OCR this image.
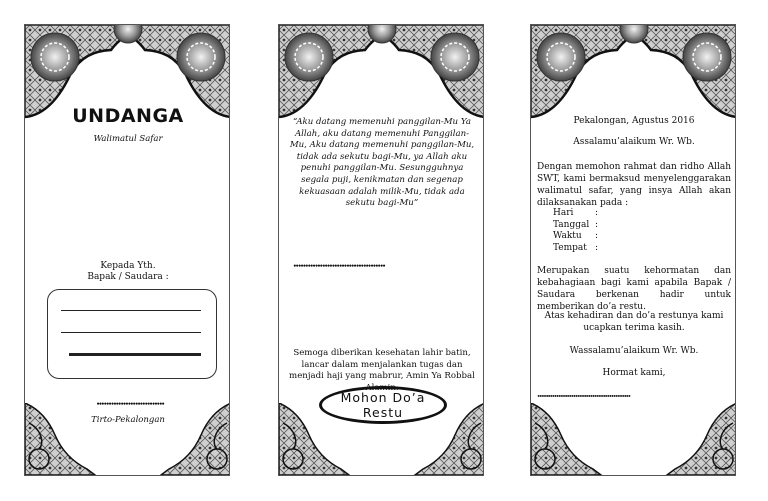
UNDANGA
Walimatul Safar
Kepada Yth.
Bapak / Saudara :
••••••••••••••••••••••••••••
Tirto-Pekalongan
“Aku datang memenuhi panggilan-Mu Ya Allah, aku datang memenuhi Panggilan-Mu, Aku datang memenuhi panggilan-Mu, tidak ada sekutu bagi-Mu, ya Allah aku penuhi panggilan-Mu. Sesungguhnya segala puji, kenikmatan dan segenap kekuasaan adalah milik-Mu, tidak ada sekutu bagi-Mu”
••••••••••••••••••••••••••••••••••••••
Semoga diberikan kesehatan lahir batin, lancar dalam menjalankan tugas dan menjadi haji yang mabrur, Amin Ya Robbal Alamin.
Mohon Do’a Restu
Pekalongan, Agustus 2016
Assalamu’alaikum Wr. Wb.
Dengan memohon rahmat dan ridho Allah SWT, kami bermaksud menyelenggarakan walimatul safar, yang insya Allah akan dilaksanakan pada :
Hari	:
Tanggal :
Waktu	:
Tempat :
Merupakan suatu kehormatan dan kebahagiaan bagi kami apabila Bapak / Saudara berkenan hadir untuk memberikan do’a restu.
Atas kehadiran dan do’a restunya kami ucapkan terima kasih.
Wassalamu’alaikum Wr. Wb.
Hormat kami,
••••••••••••••••••••••••••••••••••••••••••••
